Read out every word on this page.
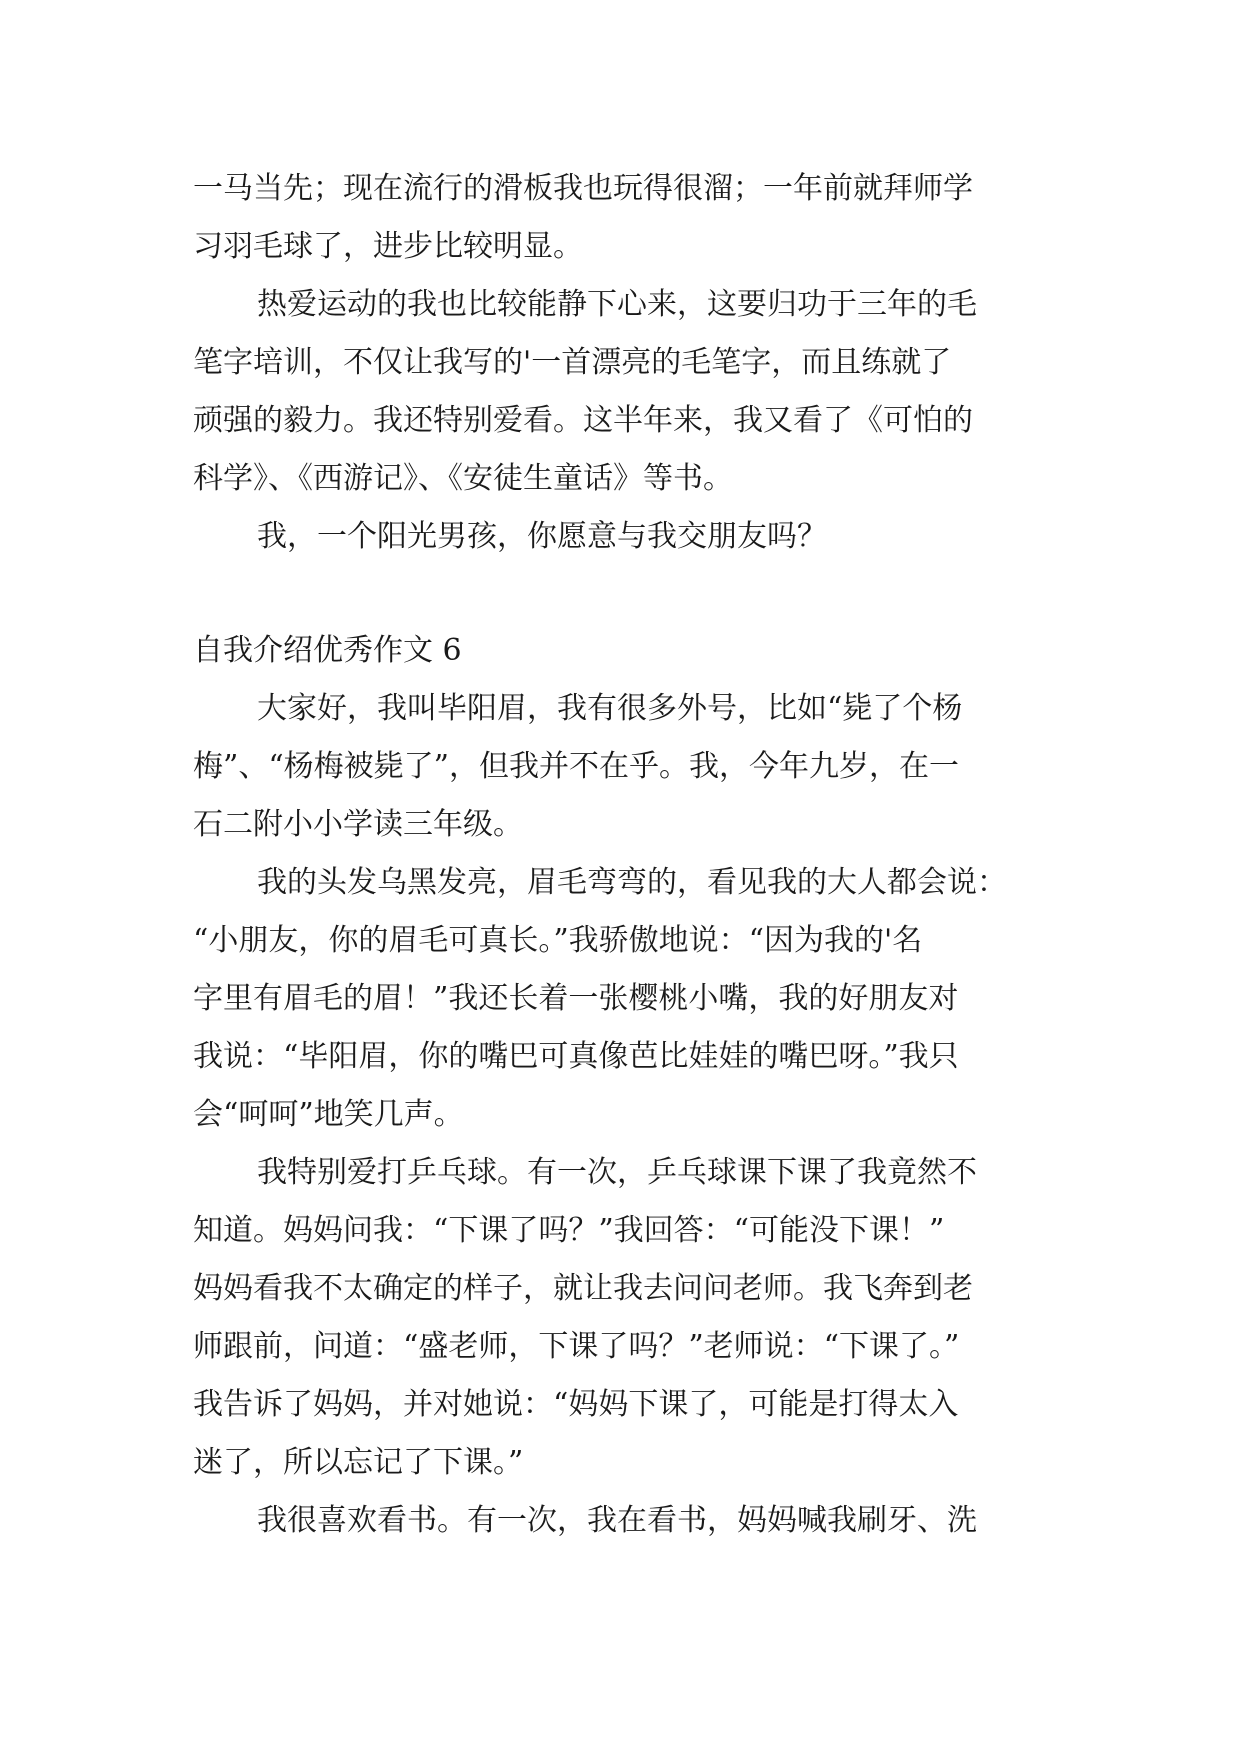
一马当先；现在流行的滑板我也玩得很溜；一年前就拜师学
习羽毛球了，进步比较明显。
热爱运动的我也比较能静下心来，这要归功于三年的毛
笔字培训，不仅让我写的'一首漂亮的毛笔字，而且练就了
顽强的毅力。我还特别爱看。这半年来，我又看了《可怕的
科学》、《西游记》、《安徒生童话》等书。
我，一个阳光男孩，你愿意与我交朋友吗？
自我介绍优秀作文 6
大家好，我叫毕阳眉，我有很多外号，比如“毙了个杨
梅”、“杨梅被毙了”，但我并不在乎。我，今年九岁，在一
石二附小小学读三年级。
我的头发乌黑发亮，眉毛弯弯的，看见我的大人都会说：
“小朋友，你的眉毛可真长。”我骄傲地说：“因为我的'名
字里有眉毛的眉！”我还长着一张樱桃小嘴，我的好朋友对
我说：“毕阳眉，你的嘴巴可真像芭比娃娃的嘴巴呀。”我只
会“呵呵”地笑几声。
我特别爱打乒乓球。有一次，乒乓球课下课了我竟然不
知道。妈妈问我：“下课了吗？”我回答：“可能没下课！”
妈妈看我不太确定的样子，就让我去问问老师。我飞奔到老
师跟前，问道：“盛老师，下课了吗？”老师说：“下课了。”
我告诉了妈妈，并对她说：“妈妈下课了，可能是打得太入
迷了，所以忘记了下课。”
我很喜欢看书。有一次，我在看书，妈妈喊我刷牙、洗
